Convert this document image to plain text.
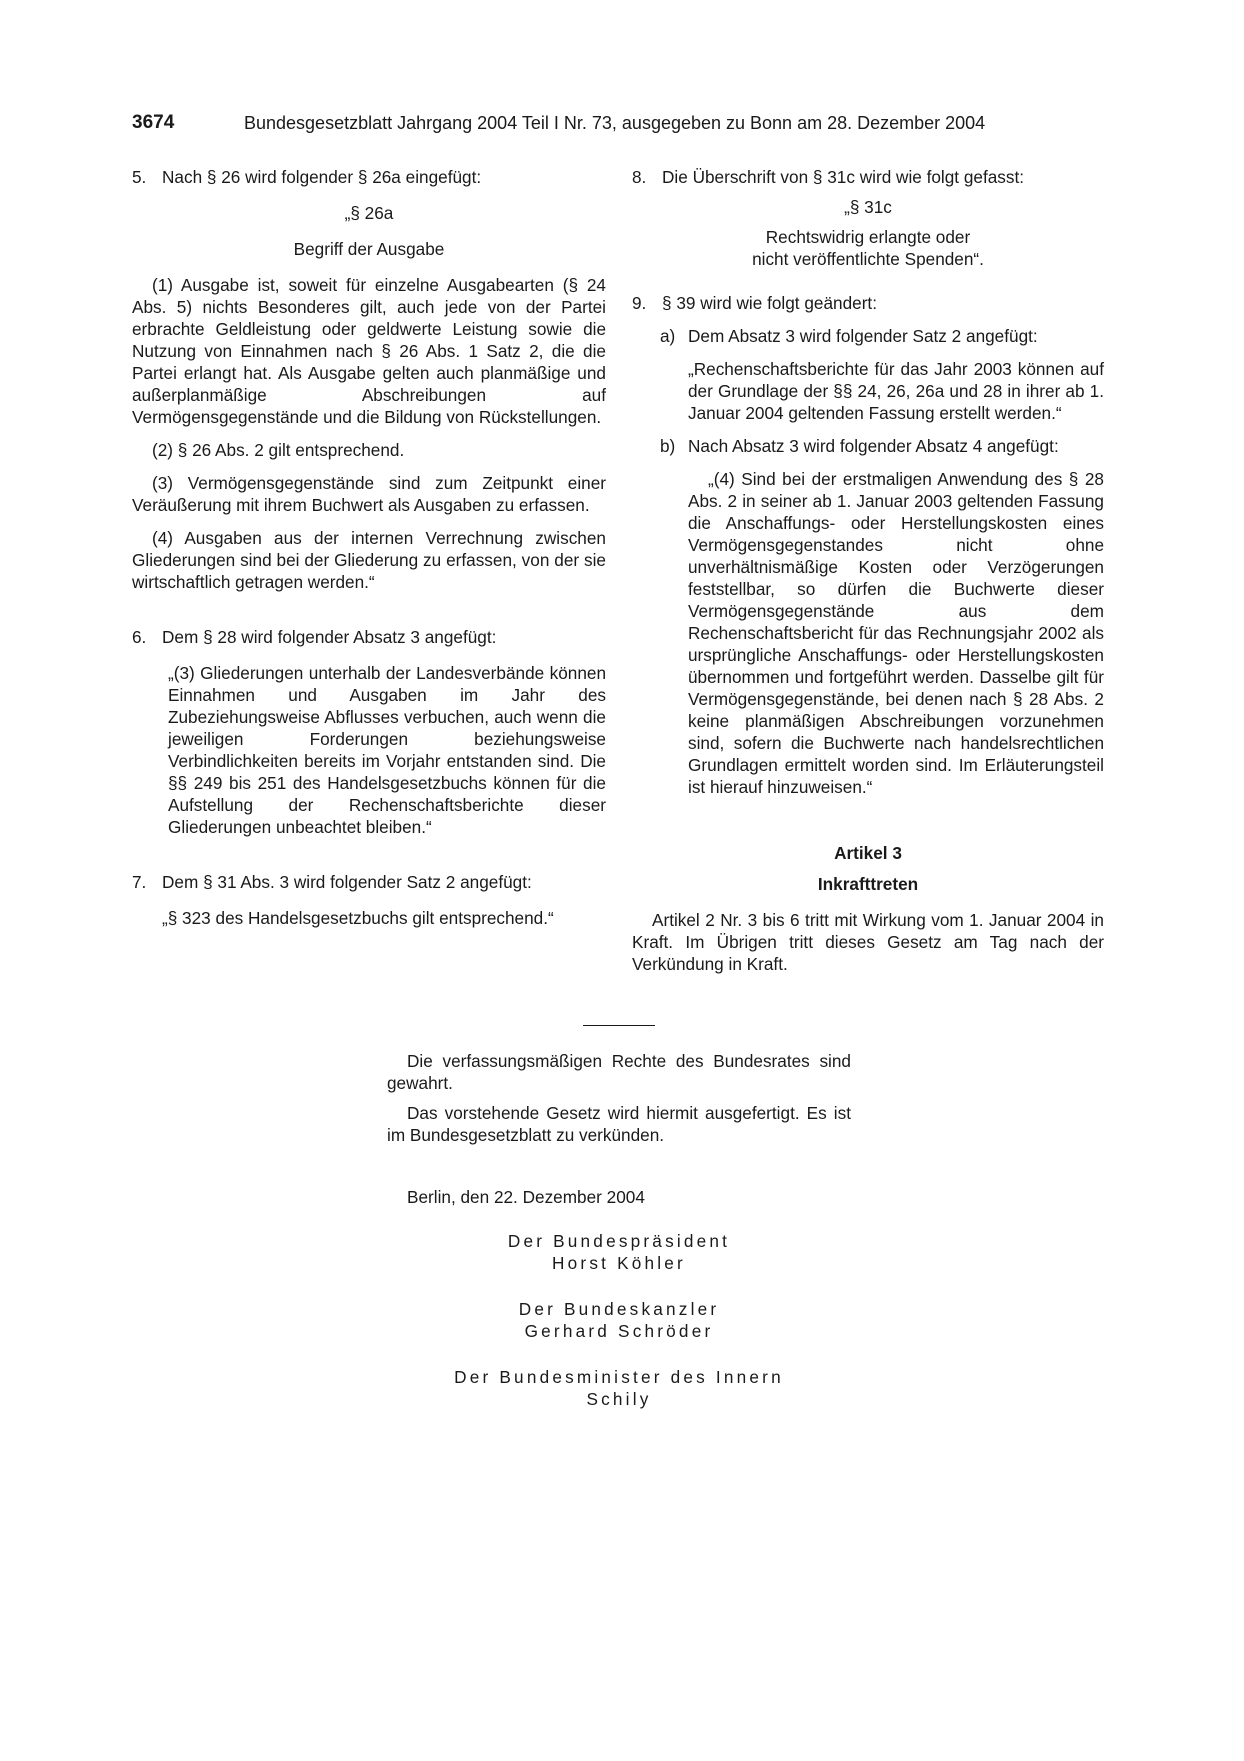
3674	Bundesgesetzblatt Jahrgang 2004 Teil I Nr. 73, ausgegeben zu Bonn am 28. Dezember 2004
5. Nach § 26 wird folgender § 26a eingefügt:

„§ 26a

Begriff der Ausgabe

(1) Ausgabe ist, soweit für einzelne Ausgabearten (§ 24 Abs. 5) nichts Besonderes gilt, auch jede von der Partei erbrachte Geldleistung oder geldwerte Leistung sowie die Nutzung von Einnahmen nach § 26 Abs. 1 Satz 2, die die Partei erlangt hat. Als Ausgabe gelten auch planmäßige und außerplanmäßige Abschreibungen auf Vermögensgegenstände und die Bildung von Rückstellungen.

(2) § 26 Abs. 2 gilt entsprechend.

(3) Vermögensgegenstände sind zum Zeitpunkt einer Veräußerung mit ihrem Buchwert als Ausgaben zu erfassen.

(4) Ausgaben aus der internen Verrechnung zwischen Gliederungen sind bei der Gliederung zu erfassen, von der sie wirtschaftlich getragen werden.“

6. Dem § 28 wird folgender Absatz 3 angefügt:

„(3) Gliederungen unterhalb der Landesverbände können Einnahmen und Ausgaben im Jahr des Zubeziehungsweise Abflusses verbuchen, auch wenn die jeweiligen Forderungen beziehungsweise Verbindlichkeiten bereits im Vorjahr entstanden sind. Die §§ 249 bis 251 des Handelsgesetzbuchs können für die Aufstellung der Rechenschaftsberichte dieser Gliederungen unbeachtet bleiben.“

7. Dem § 31 Abs. 3 wird folgender Satz 2 angefügt:

„§ 323 des Handelsgesetzbuchs gilt entsprechend.“

8. Die Überschrift von § 31c wird wie folgt gefasst:

„§ 31c

Rechtswidrig erlangte oder

nicht veröffentlichte Spenden“.

9. § 39 wird wie folgt geändert:

a) Dem Absatz 3 wird folgender Satz 2 angefügt:

„Rechenschaftsberichte für das Jahr 2003 können auf der Grundlage der §§ 24, 26, 26a und 28 in ihrer ab 1. Januar 2004 geltenden Fassung erstellt werden.“

b) Nach Absatz 3 wird folgender Absatz 4 angefügt:

„(4) Sind bei der erstmaligen Anwendung des § 28 Abs. 2 in seiner ab 1. Januar 2003 geltenden Fassung die Anschaffungs- oder Herstellungskosten eines Vermögensgegenstandes nicht ohne unverhältnismäßige Kosten oder Verzögerungen feststellbar, so dürfen die Buchwerte dieser Vermögensgegenstände aus dem Rechenschaftsbericht für das Rechnungsjahr 2002 als ursprüngliche Anschaffungs- oder Herstellungskosten übernommen und fortgeführt werden. Dasselbe gilt für Vermögensgegenstände, bei denen nach § 28 Abs. 2 keine planmäßigen Abschreibungen vorzunehmen sind, sofern die Buchwerte nach handelsrechtlichen Grundlagen ermittelt worden sind. Im Erläuterungsteil ist hierauf hinzuweisen.“

Artikel 3

Inkrafttreten

Artikel 2 Nr. 3 bis 6 tritt mit Wirkung vom 1. Januar 2004 in Kraft. Im Übrigen tritt dieses Gesetz am Tag nach der Verkündung in Kraft.

Die verfassungsmäßigen Rechte des Bundesrates sind gewahrt.

Das vorstehende Gesetz wird hiermit ausgefertigt. Es ist im Bundesgesetzblatt zu verkünden.

Berlin, den 22. Dezember 2004

Der Bundespräsident

Horst Köhler

Der Bundeskanzler

Gerhard Schröder

Der Bundesminister des Innern

Schily
